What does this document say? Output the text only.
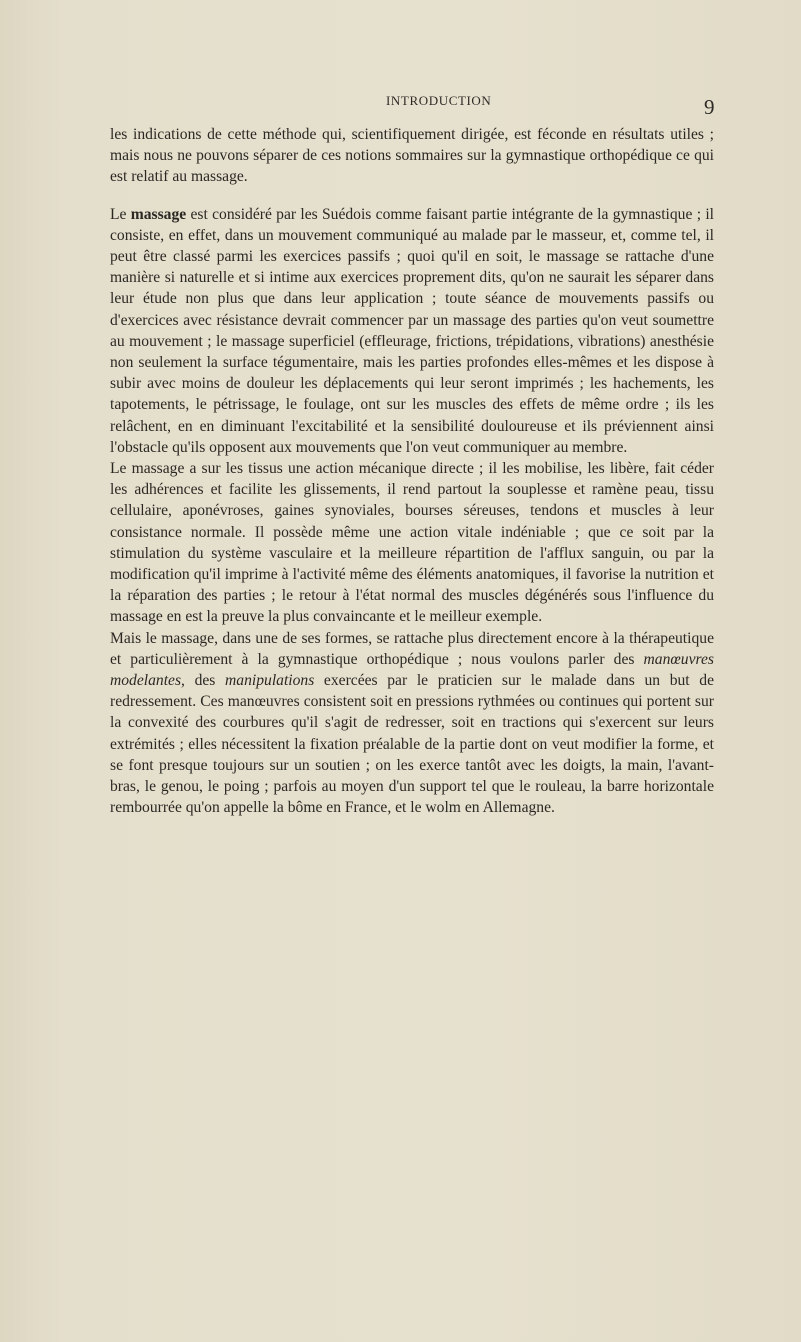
INTRODUCTION	9

les indications de cette méthode qui, scientifiquement dirigée, est féconde en résultats utiles ; mais nous ne pouvons séparer de ces notions sommaires sur la gymnastique orthopédique ce qui est relatif au massage.

Le massage est considéré par les Suédois comme faisant partie intégrante de la gymnastique ; il consiste, en effet, dans un mouvement communiqué au malade par le masseur, et, comme tel, il peut être classé parmi les exercices passifs ; quoi qu'il en soit, le massage se rattache d'une manière si naturelle et si intime aux exercices proprement dits, qu'on ne saurait les séparer dans leur étude non plus que dans leur application ; toute séance de mouvements passifs ou d'exercices avec résistance devrait commencer par un massage des parties qu'on veut soumettre au mouvement ; le massage superficiel (effleurage, frictions, trépidations, vibrations) anesthésie non seulement la surface tégumentaire, mais les parties profondes elles-mêmes et les dispose à subir avec moins de douleur les déplacements qui leur seront imprimés ; les hachements, les tapotements, le pétrissage, le foulage, ont sur les muscles des effets de même ordre ; ils les relâchent, en en diminuant l'excitabilité et la sensibilité douloureuse et ils préviennent ainsi l'obstacle qu'ils opposent aux mouvements que l'on veut communiquer au membre.

Le massage a sur les tissus une action mécanique directe ; il les mobilise, les libère, fait céder les adhérences et facilite les glissements, il rend partout la souplesse et ramène peau, tissu cellulaire, aponévroses, gaines synoviales, bourses séreuses, tendons et muscles à leur consistance normale. Il possède même une action vitale indéniable ; que ce soit par la stimulation du système vasculaire et la meilleure répartition de l'afflux sanguin, ou par la modification qu'il imprime à l'activité même des éléments anatomiques, il favorise la nutrition et la réparation des parties ; le retour à l'état normal des muscles dégénérés sous l'influence du massage en est la preuve la plus convaincante et le meilleur exemple.

Mais le massage, dans une de ses formes, se rattache plus directement encore à la thérapeutique et particulièrement à la gymnastique orthopédique ; nous voulons parler des manœuvres modelantes, des manipulations exercées par le praticien sur le malade dans un but de redressement. Ces manœuvres consistent soit en pressions rythmées ou continues qui portent sur la convexité des courbures qu'il s'agit de redresser, soit en tractions qui s'exercent sur leurs extrémités ; elles nécessitent la fixation préalable de la partie dont on veut modifier la forme, et se font presque toujours sur un soutien ; on les exerce tantôt avec les doigts, la main, l'avant-bras, le genou, le poing ; parfois au moyen d'un support tel que le rouleau, la barre horizontale rembourrée qu'on appelle la bôme en France, et le wolm en Allemagne.
